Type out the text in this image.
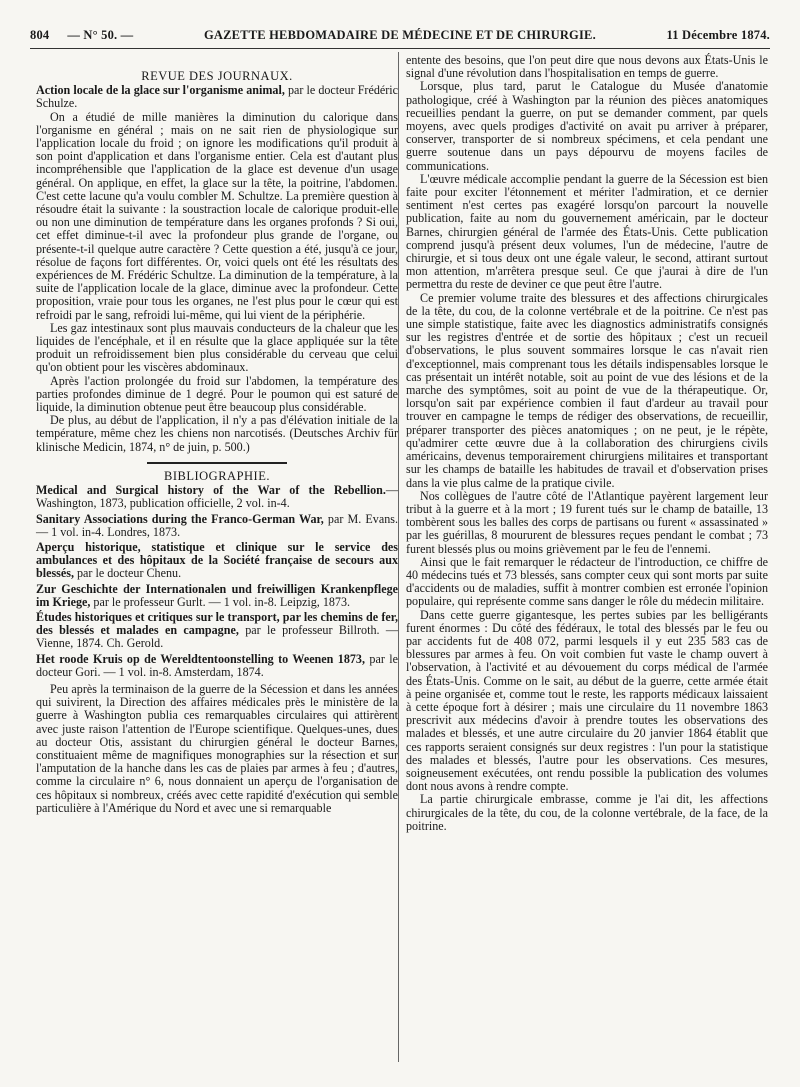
804 — N° 50. —	GAZETTE HEBDOMADAIRE DE MÉDECINE ET DE CHIRURGIE.	11 Décembre 1874.
REVUE DES JOURNAUX.

Action locale de la glace sur l'organisme animal, par le docteur Frédéric Schulze.

On a étudié de mille manières la diminution du calorique dans l'organisme en général ; mais on ne sait rien de physiologique sur l'application locale du froid ; on ignore les modifications qu'il produit à son point d'application et dans l'organisme entier. Cela est d'autant plus incompréhensible que l'application de la glace est devenue d'un usage général. On applique, en effet, la glace sur la tête, la poitrine, l'abdomen. C'est cette lacune qu'a voulu combler M. Schultze. La première question à résoudre était la suivante : la soustraction locale de calorique produit-elle ou non une diminution de température dans les organes profonds ? Si oui, cet effet diminue-t-il avec la profondeur plus grande de l'organe, ou présente-t-il quelque autre caractère ? Cette question a été, jusqu'à ce jour, résolue de façons fort différentes. Or, voici quels ont été les résultats des expériences de M. Frédéric Schultze. La diminution de la température, à la suite de l'application locale de la glace, diminue avec la profondeur. Cette proposition, vraie pour tous les organes, ne l'est plus pour le cœur qui est refroidi par le sang, refroidi lui-même, qui lui vient de la périphérie.

Les gaz intestinaux sont plus mauvais conducteurs de la chaleur que les liquides de l'encéphale, et il en résulte que la glace appliquée sur la tête produit un refroidissement bien plus considérable du cerveau que celui qu'on obtient pour les viscères abdominaux.

Après l'action prolongée du froid sur l'abdomen, la température des parties profondes diminue de 1 degré. Pour le poumon qui est saturé de liquide, la diminution obtenue peut être beaucoup plus considérable.

De plus, au début de l'application, il n'y a pas d'élévation initiale de la température, même chez les chiens non narcotisés. (Deutsches Archiv für klinische Medicin, 1874, n° de juin, p. 500.)

BIBLIOGRAPHIE.

Medical and Surgical history of the War of the Rebellion.—Washington, 1873, publication officielle, 2 vol. in-4.

Sanitary Associations during the Franco-German War, par M. Evans. — 1 vol. in-4. Londres, 1873.

Aperçu historique, statistique et clinique sur le service des ambulances et des hôpitaux de la Société française de secours aux blessés, par le docteur Chenu.

Zur Geschichte der Internationalen und freiwilligen Krankenpflege im Kriege, par le professeur Gurlt. — 1 vol. in-8. Leipzig, 1873.

Études historiques et critiques sur le transport, par les chemins de fer, des blessés et malades en campagne, par le professeur Billroth. — Vienne, 1874. Ch. Gerold.

Het roode Kruis op de Wereldtentoonstelling to Weenen 1873, par le docteur Gori. — 1 vol. in-8. Amsterdam, 1874.

Peu après la terminaison de la guerre de la Sécession et dans les années qui suivirent, la Direction des affaires médicales près le ministère de la guerre à Washington publia ces remarquables circulaires qui attirèrent avec juste raison l'attention de l'Europe scientifique. Quelques-unes, dues au docteur Otis, assistant du chirurgien général le docteur Barnes, constituaient même de magnifiques monographies sur la résection et sur l'amputation de la hanche dans les cas de plaies par armes à feu ; d'autres, comme la circulaire n° 6, nous donnaient un aperçu de l'organisation de ces hôpitaux si nombreux, créés avec cette rapidité d'exécution qui semble particulière à l'Amérique du Nord et avec une si remarquable

entente des besoins, que l'on peut dire que nous devons aux États-Unis le signal d'une révolution dans l'hospitalisation en temps de guerre.

Lorsque, plus tard, parut le Catalogue du Musée d'anatomie pathologique, créé à Washington par la réunion des pièces anatomiques recueillies pendant la guerre, on put se demander comment, par quels moyens, avec quels prodiges d'activité on avait pu arriver à préparer, conserver, transporter de si nombreux spécimens, et cela pendant une guerre soutenue dans un pays dépourvu de moyens faciles de communications.

L'œuvre médicale accomplie pendant la guerre de la Sécession est bien faite pour exciter l'étonnement et mériter l'admiration, et ce dernier sentiment n'est certes pas exagéré lorsqu'on parcourt la nouvelle publication, faite au nom du gouvernement américain, par le docteur Barnes, chirurgien général de l'armée des États-Unis. Cette publication comprend jusqu'à présent deux volumes, l'un de médecine, l'autre de chirurgie, et si tous deux ont une égale valeur, le second, attirant surtout mon attention, m'arrêtera presque seul. Ce que j'aurai à dire de l'un permettra du reste de deviner ce que peut être l'autre.

Ce premier volume traite des blessures et des affections chirurgicales de la tête, du cou, de la colonne vertébrale et de la poitrine. Ce n'est pas une simple statistique, faite avec les diagnostics administratifs consignés sur les registres d'entrée et de sortie des hôpitaux ; c'est un recueil d'observations, le plus souvent sommaires lorsque le cas n'avait rien d'exceptionnel, mais comprenant tous les détails indispensables lorsque le cas présentait un intérêt notable, soit au point de vue des lésions et de la marche des symptômes, soit au point de vue de la thérapeutique. Or, lorsqu'on sait par expérience combien il faut d'ardeur au travail pour trouver en campagne le temps de rédiger des observations, de recueillir, préparer transporter des pièces anatomiques ; on ne peut, je le répète, qu'admirer cette œuvre due à la collaboration des chirurgiens civils américains, devenus temporairement chirurgiens militaires et transportant sur les champs de bataille les habitudes de travail et d'observation prises dans la vie plus calme de la pratique civile.

Nos collègues de l'autre côté de l'Atlantique payèrent largement leur tribut à la guerre et à la mort ; 19 furent tués sur le champ de bataille, 13 tombèrent sous les balles des corps de partisans ou furent « assassinated » par les guérillas, 8 moururent de blessures reçues pendant le combat ; 73 furent blessés plus ou moins grièvement par le feu de l'ennemi.

Ainsi que le fait remarquer le rédacteur de l'introduction, ce chiffre de 40 médecins tués et 73 blessés, sans compter ceux qui sont morts par suite d'accidents ou de maladies, suffit à montrer combien est erronée l'opinion populaire, qui représente comme sans danger le rôle du médecin militaire.

Dans cette guerre gigantesque, les pertes subies par les belligérants furent énormes : Du côté des fédéraux, le total des blessés par le feu ou par accidents fut de 408 072, parmi lesquels il y eut 235 583 cas de blessures par armes à feu. On voit combien fut vaste le champ ouvert à l'observation, à l'activité et au dévouement du corps médical de l'armée des États-Unis. Comme on le sait, au début de la guerre, cette armée était à peine organisée et, comme tout le reste, les rapports médicaux laissaient à cette époque fort à désirer ; mais une circulaire du 11 novembre 1863 prescrivit aux médecins d'avoir à prendre toutes les observations des malades et blessés, et une autre circulaire du 20 janvier 1864 établit que ces rapports seraient consignés sur deux registres : l'un pour la statistique des malades et blessés, l'autre pour les observations. Ces mesures, soigneusement exécutées, ont rendu possible la publication des volumes dont nous avons à rendre compte.

La partie chirurgicale embrasse, comme je l'ai dit, les affections chirurgicales de la tête, du cou, de la colonne vertébrale, de la face, de la poitrine.
